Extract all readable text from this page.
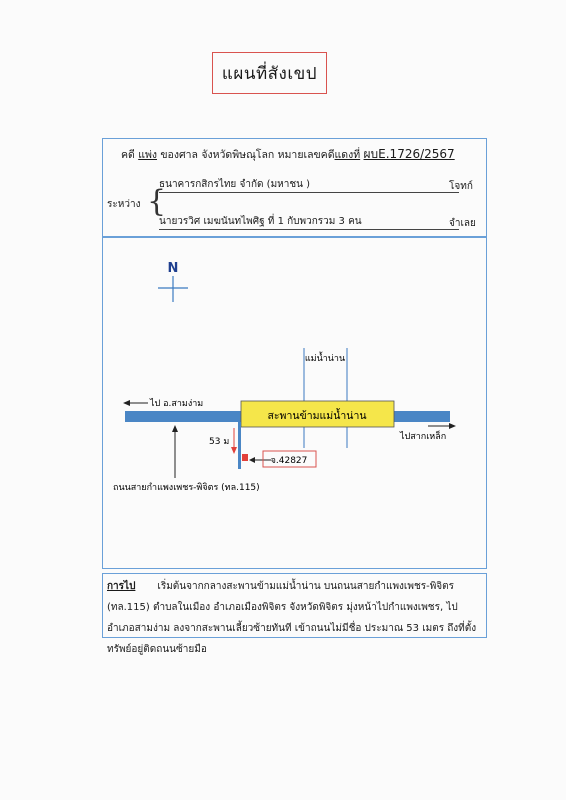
แผนที่สังเขป
คดี แพ่ง ของศาล จังหวัดพิษณุโลก หมายเลขคดีแดงที่ ผบE.1726/2567
ระหว่าง {
ธนาคารกสิกรไทย จำกัด (มหาชน )	โจทก์
นายวรวิศ เมฆนันทไพศิฐ ที่ 1 กับพวกรวม 3 คน	จำเลย
N
แม่น้ำน่าน
สะพานข้ามแม่น้ำน่าน
ไป อ.สามง่าม
ไปสากเหล็ก
53 ม
จ.42827
ถนนสายกำแพงเพชร-พิจิตร (ทล.115)
การไป เริ่มต้นจากกลางสะพานข้ามแม่น้ำน่าน บนถนนสายกำแพงเพชร-พิจิตร (ทล.115) ตำบลในเมือง อำเภอเมืองพิจิตร จังหวัดพิจิตร มุ่งหน้าไปกำแพงเพชร, ไปอำเภอสามง่าม ลงจากสะพานเลี้ยวซ้ายทันที เข้าถนนไม่มีชื่อ ประมาณ 53 เมตร ถึงที่ตั้งทรัพย์อยู่ติดถนนซ้ายมือ
